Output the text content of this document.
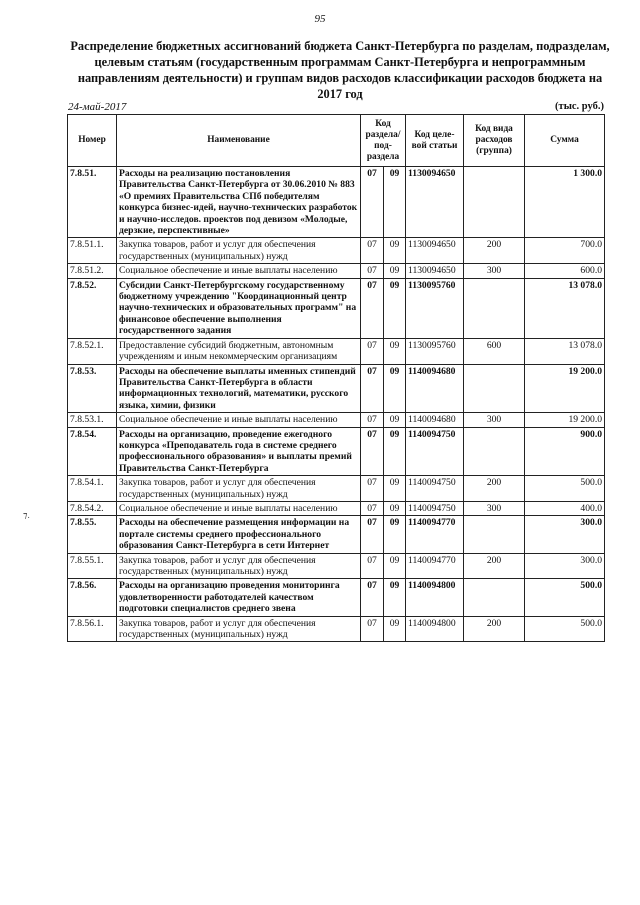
95
Распределение бюджетных ассигнований бюджета Санкт-Петербурга по разделам, подразделам, целевым статьям (государственным программам Санкт-Петербурга и непрограммным направлениям деятельности) и группам видов расходов классификации расходов бюджета на 2017 год
24-май-2017	(тыс. руб.)
⁊.
Номер	Наименование	Код раздела/ под-раздела		Код целе-вой статьи	Код вида расходов (группа)	Сумма
7.8.51.	Расходы на реализацию постановления Правительства Санкт-Петербурга от 30.06.2010 № 883 «О премиях Правительства СПб победителям конкурса бизнес-идей, научно-технических разработок и научно-исследов. проектов под девизом «Молодые, дерзкие, перспективные»	07	09	1130094650		1 300.0
7.8.51.1.	Закупка товаров, работ и услуг для обеспечения государственных (муниципальных) нужд	07	09	1130094650	200	700.0
7.8.51.2.	Социальное обеспечение и иные выплаты населению	07	09	1130094650	300	600.0
7.8.52.	Субсидии Санкт-Петербургскому государственному бюджетному учреждению "Координационный центр научно-технических и образовательных программ" на финансовое обеспечение выполнения государственного задания	07	09	1130095760		13 078.0
7.8.52.1.	Предоставление субсидий бюджетным, автономным учреждениям и иным некоммерческим организациям	07	09	1130095760	600	13 078.0
7.8.53.	Расходы на обеспечение выплаты именных стипендий Правительства Санкт-Петербурга в области информационных технологий, математики, русского языка, химии, физики	07	09	1140094680		19 200.0
7.8.53.1.	Социальное обеспечение и иные выплаты населению	07	09	1140094680	300	19 200.0
7.8.54.	Расходы на организацию, проведение ежегодного конкурса «Преподаватель года в системе среднего профессионального образования» и выплаты премий Правительства Санкт-Петербурга	07	09	1140094750		900.0
7.8.54.1.	Закупка товаров, работ и услуг для обеспечения государственных (муниципальных) нужд	07	09	1140094750	200	500.0
7.8.54.2.	Социальное обеспечение и иные выплаты населению	07	09	1140094750	300	400.0
7.8.55.	Расходы на обеспечение размещения информации на порталe системы среднего профессионального образования Санкт-Петербурга в сети Интернет	07	09	1140094770		300.0
7.8.55.1.	Закупка товаров, работ и услуг для обеспечения государственных (муниципальных) нужд	07	09	1140094770	200	300.0
7.8.56.	Расходы на организацию проведения мониторинга удовлетворенности работодателей качеством подготовки специалистов среднего звена	07	09	1140094800		500.0
7.8.56.1.	Закупка товаров, работ и услуг для обеспечения государственных (муниципальных) нужд	07	09	1140094800	200	500.0
